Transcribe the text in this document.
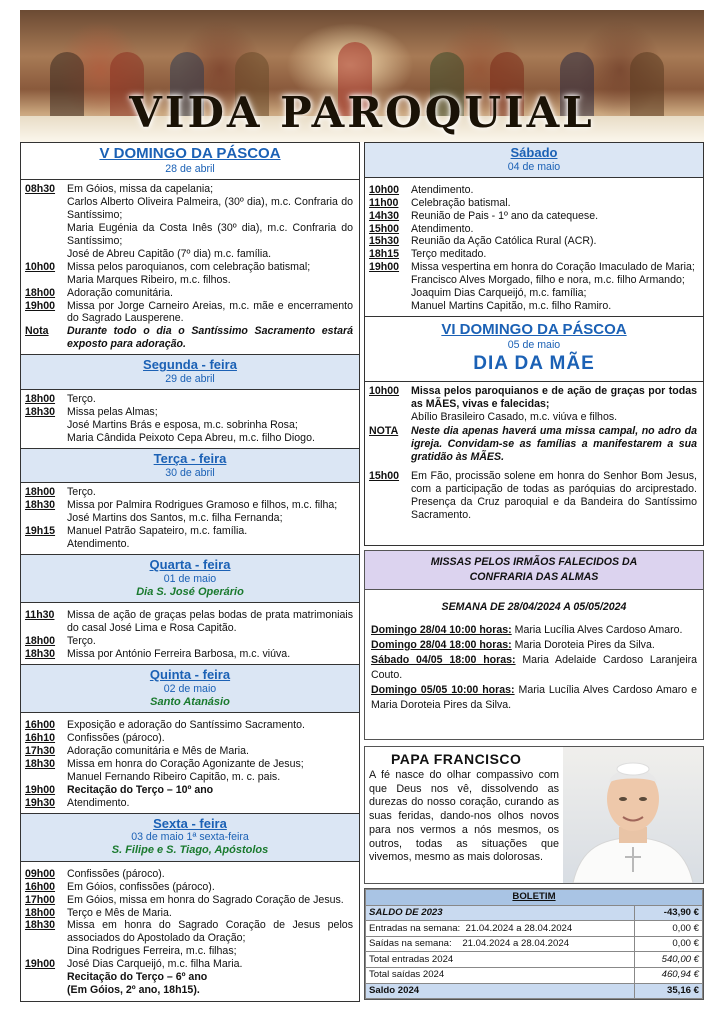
VIDA PAROQUIAL
V DOMINGO DA PÁSCOA
28 de abril
08h30	Em Góios, missa da capelania;
Carlos Alberto Oliveira Palmeira, (30º dia), m.c. Confraria do Santíssimo;
Maria Eugénia da Costa Inês (30º dia), m.c. Confraria do Santíssimo;
José de Abreu Capitão (7º dia) m.c. família.
10h00	Missa pelos paroquianos, com celebração batismal;
Maria Marques Ribeiro, m.c. filhos.
18h00	Adoração comunitária.
19h00	Missa por Jorge Carneiro Areias, m.c. mãe e encerramento do Sagrado Lausperene.
Nota	Durante todo o dia o Santíssimo Sacramento estará exposto para adoração.
Segunda - feira
29 de abril
18h00	Terço.
18h30	Missa pelas Almas;
José Martins Brás e esposa, m.c. sobrinha Rosa;
Maria Cândida Peixoto Cepa Abreu, m.c. filho Diogo.
Terça - feira
30 de abril
18h00	Terço.
18h30	Missa por Palmira Rodrigues Gramoso e filhos, m.c. filha;
José Martins dos Santos, m.c. filha Fernanda;
19h15	Manuel Patrão Sapateiro, m.c. família.
Atendimento.
Quarta - feira
01 de maio
Dia S. José Operário
11h30	Missa de ação de graças pelas bodas de prata matrimoniais do casal José Lima e Rosa Capitão.
18h00	Terço.
18h30	Missa por António Ferreira Barbosa, m.c. viúva.
Quinta - feira
02 de maio
Santo Atanásio
16h00	Exposição e adoração do Santíssimo Sacramento.
16h10	Confissões (pároco).
17h30	Adoração comunitária e Mês de Maria.
18h30	Missa em honra do Coração Agonizante de Jesus;
Manuel Fernando Ribeiro Capitão, m. c. pais.
19h00	Recitação do Terço – 10º ano
19h30	Atendimento.
Sexta - feira
03 de maio 1ª sexta-feira
S. Filipe e S. Tiago, Apóstolos
09h00	Confissões (pároco).
16h00	Em Góios, confissões (pároco).
17h00	Em Góios, missa em honra do Sagrado Coração de Jesus.
18h00	Terço e Mês de Maria.
18h30	Missa em honra do Sagrado Coração de Jesus pelos associados do Apostolado da Oração;
Dina Rodrigues Ferreira, m.c. filhas;
19h00	José Dias Carqueijó, m.c. filha Maria.
Recitação do Terço – 6º ano
(Em Góios, 2º ano, 18h15).
Sábado
04 de maio
10h00	Atendimento.
11h00	Celebração batismal.
14h30	Reunião de Pais - 1º ano da catequese.
15h00	Atendimento.
15h30	Reunião da Ação Católica Rural (ACR).
18h15	Terço meditado.
19h00	Missa vespertina em honra do Coração Imaculado de Maria;
Francisco Alves Morgado, filho e nora, m.c. filho Armando;
Joaquim Dias Carqueijó, m.c. família;
Manuel Martins Capitão, m.c. filho Ramiro.
VI DOMINGO DA PÁSCOA
05 de maio
DIA DA MÃE
10h00	Missa pelos paroquianos e de ação de graças por todas as MÃES, vivas e falecidas;
Abílio Brasileiro Casado, m.c. viúva e filhos.
NOTA	Neste dia apenas haverá uma missa campal, no adro da igreja. Convidam-se as famílias a manifestarem a sua gratidão às MÃES.
15h00	Em Fão, procissão solene em honra do Senhor Bom Jesus, com a participação de todas as paróquias do arciprestado. Presença da Cruz paroquial e da Bandeira do Santíssimo Sacramento.
MISSAS PELOS IRMÃOS FALECIDOS DA
CONFRARIA DAS ALMAS
SEMANA DE 28/04/2024 A 05/05/2024

Domingo 28/04 10:00 horas: Maria Lucília Alves Cardoso Amaro.

Domingo 28/04 18:00 horas: Maria Doroteia Pires da Silva.

Sábado 04/05 18:00 horas: Maria Adelaide Cardoso Laranjeira Couto.

Domingo 05/05 10:00 horas: Maria Lucília Alves Cardoso Amaro e Maria Doroteia Pires da Silva.

PAPA FRANCISCO
A fé nasce do olhar compassivo com que Deus nos vê, dissolvendo as durezas do nosso coração, curando as suas feridas, dando-nos olhos novos para nos vermos a nós mesmos, os outros, todas as situações que vivemos, mesmo as mais dolorosas.
BOLETIM	
SALDO DE 2023	-43,90 €
Entradas na semana:  21.04.2024 a 28.04.2024	0,00 €
Saídas na semana:    21.04.2024 a 28.04.2024	0,00 €
Total entradas 2024	540,00 €
Total saídas 2024	460,94 €
Saldo 2024	35,16 €
